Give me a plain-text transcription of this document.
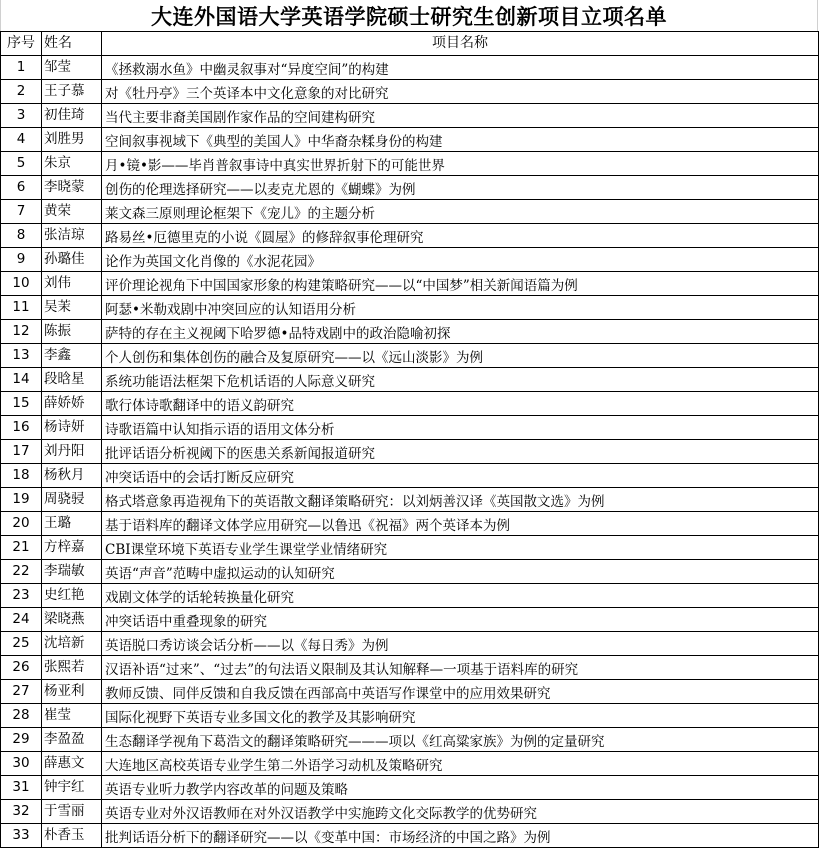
大连外国语大学英语学院硕士研究生创新项目立项名单
序号	姓名	项目名称
1	邹莹	《拯救溺水鱼》中幽灵叙事对“异度空间”的构建
2	王子慕	对《牡丹亭》三个英译本中文化意象的对比研究
3	初佳琦	当代主要非裔美国剧作家作品的空间建构研究
4	刘胜男	空间叙事视域下《典型的美国人》中华裔杂糅身份的构建
5	朱京	月•镜•影——毕肖普叙事诗中真实世界折射下的可能世界
6	李晓蒙	创伤的伦理选择研究——以麦克尤恩的《蝴蝶》为例
7	黄荣	莱文森三原则理论框架下《宠儿》的主题分析
8	张洁琼	路易丝•厄德里克的小说《圆屋》的修辞叙事伦理研究
9	孙璐佳	论作为英国文化肖像的《水泥花园》
10	刘伟	评价理论视角下中国国家形象的构建策略研究——以“中国梦”相关新闻语篇为例
11	吴茉	阿瑟•米勒戏剧中冲突回应的认知语用分析
12	陈振	萨特的存在主义视阈下哈罗德•品特戏剧中的政治隐喻初探
13	李鑫	个人创伤和集体创伤的融合及复原研究——以《远山淡影》为例
14	段晗星	系统功能语法框架下危机话语的人际意义研究
15	薛娇娇	歌行体诗歌翻译中的语义韵研究
16	杨诗妍	诗歌语篇中认知指示语的语用文体分析
17	刘丹阳	批评话语分析视阈下的医患关系新闻报道研究
18	杨秋月	冲突话语中的会话打断反应研究
19	周骁骎	格式塔意象再造视角下的英语散文翻译策略研究：以刘炳善汉译《英国散文选》为例
20	王璐	基于语料库的翻译文体学应用研究—以鲁迅《祝福》两个英译本为例
21	方梓嘉	CBI课堂环境下英语专业学生课堂学业情绪研究
22	李瑞敏	英语“声音”范畴中虚拟运动的认知研究
23	史红艳	戏剧文体学的话轮转换量化研究
24	梁晓燕	冲突话语中重叠现象的研究
25	沈培新	英语脱口秀访谈会话分析——以《每日秀》为例
26	张熙若	汉语补语“过来”、“过去”的句法语义限制及其认知解释—一项基于语料库的研究
27	杨亚利	教师反馈、同伴反馈和自我反馈在西部高中英语写作课堂中的应用效果研究
28	崔莹	国际化视野下英语专业多国文化的教学及其影响研究
29	李盈盈	生态翻译学视角下葛浩文的翻译策略研究———项以《红高粱家族》为例的定量研究
30	薛惠文	大连地区高校英语专业学生第二外语学习动机及策略研究
31	钟宇红	英语专业听力教学内容改革的问题及策略
32	于雪丽	英语专业对外汉语教师在对外汉语教学中实施跨文化交际教学的优势研究
33	朴香玉	批判话语分析下的翻译研究——以《变革中国：市场经济的中国之路》为例
